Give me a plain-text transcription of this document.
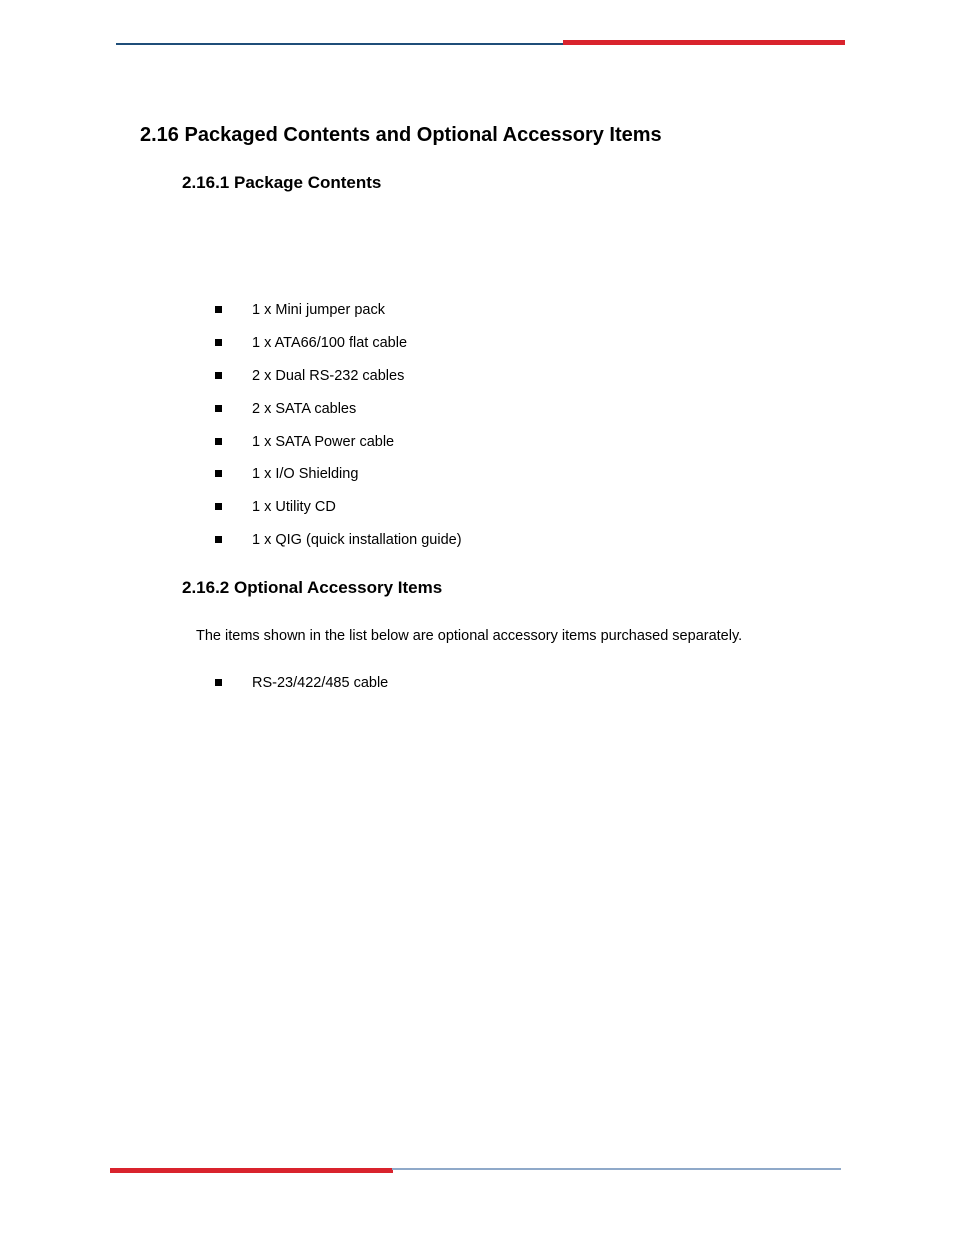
2.16 Packaged Contents and Optional Accessory Items
2.16.1 Package Contents
1 x Mini jumper pack
1 x ATA66/100 flat cable
2 x Dual RS-232 cables
2 x SATA cables
1 x SATA Power cable
1 x I/O Shielding
1 x Utility CD
1 x QIG (quick installation guide)
2.16.2 Optional Accessory Items

The items shown in the list below are optional accessory items purchased separately.

RS-23/422/485 cable
